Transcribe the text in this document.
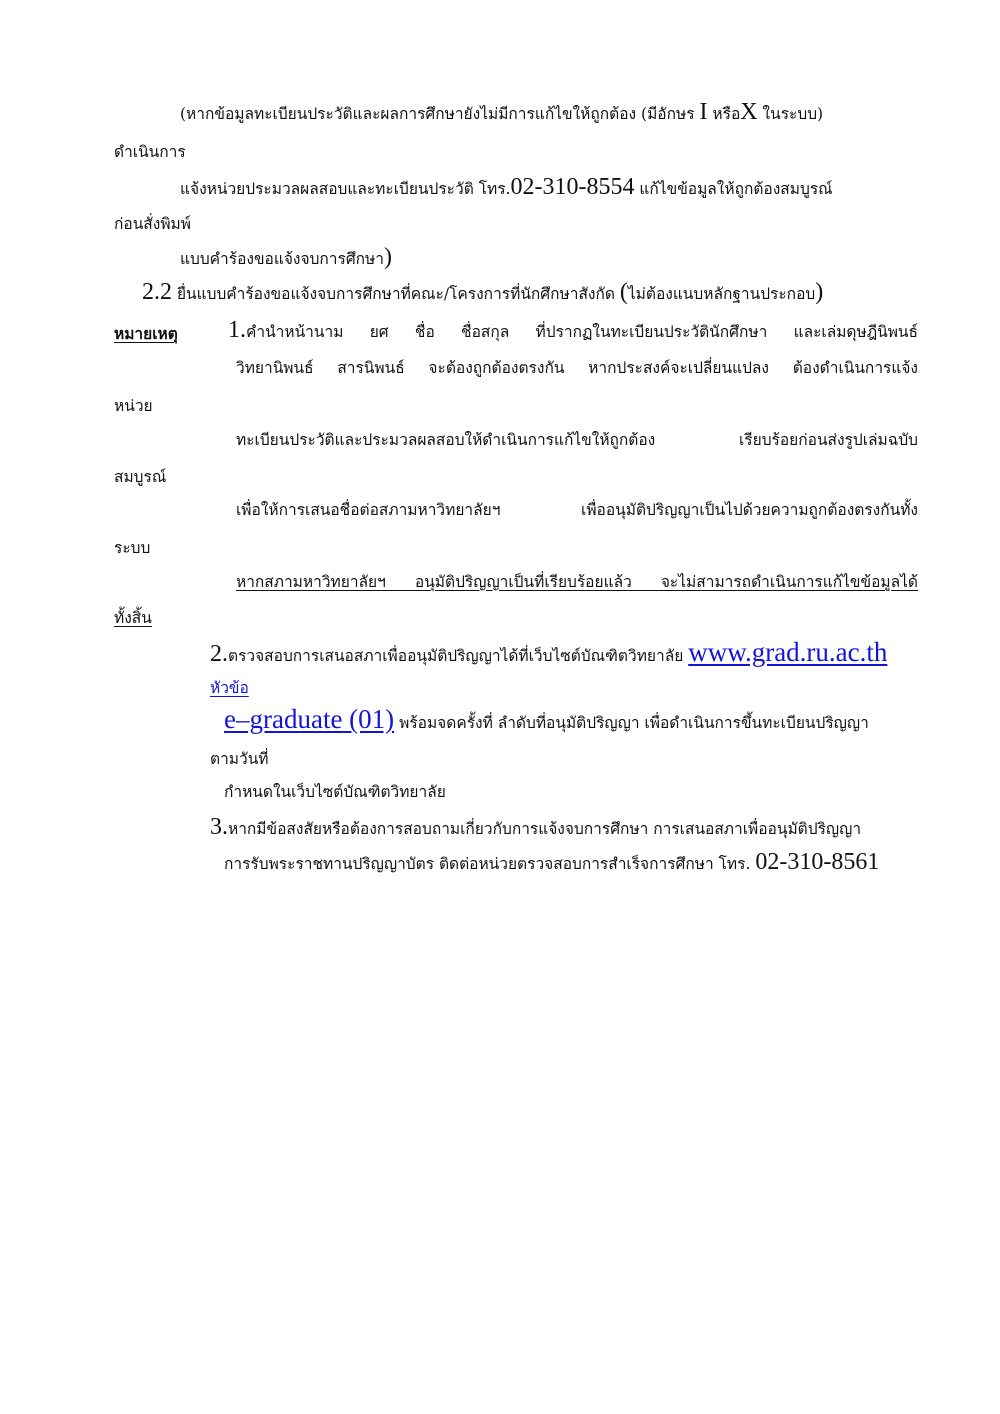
(หากข้อมูลทะเบียนประวัติและผลการศึกษายังไม่มีการแก้ไขให้ถูกต้อง (มีอักษร I หรือX ในระบบ)
ดำเนินการ
แจ้งหน่วยประมวลผลสอบและทะเบียนประวัติ โทร.02-310-8554 แก้ไขข้อมูลให้ถูกต้องสมบูรณ์
ก่อนสั่งพิมพ์
แบบคำร้องขอแจ้งจบการศึกษา)
2.2 ยื่นแบบคำร้องขอแจ้งจบการศึกษาที่คณะ/โครงการที่นักศึกษาสังกัด (ไม่ต้องแนบหลักฐานประกอบ)
หมายเหตุ 1.คำนำหน้านาม ยศ ชื่อ ชื่อสกุล ที่ปรากฏในทะเบียนประวัตินักศึกษา และเล่มดุษฎีนิพนธ์
วิทยานิพนธ์ สารนิพนธ์ จะต้องถูกต้องตรงกัน หากประสงค์จะเปลี่ยนแปลง ต้องดำเนินการแจ้ง
หน่วย
ทะเบียนประวัติและประมวลผลสอบให้ดำเนินการแก้ไขให้ถูกต้อง เรียบร้อยก่อนส่งรูปเล่มฉบับ
สมบูรณ์
เพื่อให้การเสนอชื่อต่อสภามหาวิทยาลัยฯ เพื่ออนุมัติปริญญาเป็นไปด้วยความถูกต้องตรงกันทั้ง
ระบบ
หากสภามหาวิทยาลัยฯ อนุมัติปริญญาเป็นที่เรียบร้อยแล้ว จะไม่สามารถดำเนินการแก้ไขข้อมูลได้
ทั้งสิ้น
2.ตรวจสอบการเสนอสภาเพื่ออนุมัติปริญญาได้ที่เว็บไซต์บัณฑิตวิทยาลัย www.grad.ru.ac.th
หัวข้อ
e–graduate (01) พร้อมจดครั้งที่ ลำดับที่อนุมัติปริญญา เพื่อดำเนินการขึ้นทะเบียนปริญญา
ตามวันที่
กำหนดในเว็บไซต์บัณฑิตวิทยาลัย
3.หากมีข้อสงสัยหรือต้องการสอบถามเกี่ยวกับการแจ้งจบการศึกษา การเสนอสภาเพื่ออนุมัติปริญญา
การรับพระราชทานปริญญาบัตร ติดต่อหน่วยตรวจสอบการสำเร็จการศึกษา โทร. 02-310-8561
